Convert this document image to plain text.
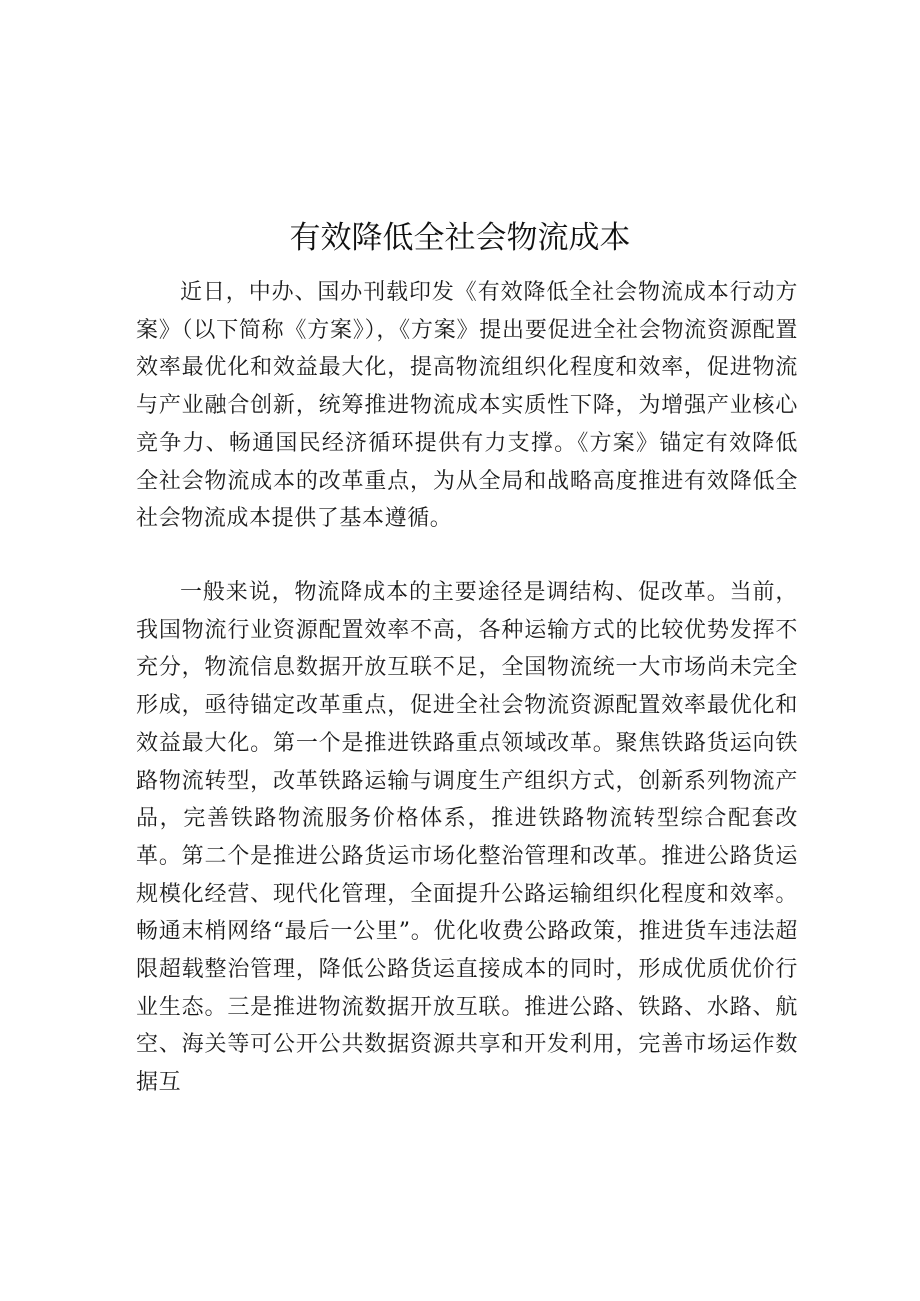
有效降低全社会物流成本

近日，中办、国办刊载印发《有效降低全社会物流成本行动方案》（以下简称《方案》），《方案》提出要促进全社会物流资源配置效率最优化和效益最大化，提高物流组织化程度和效率，促进物流与产业融合创新，统筹推进物流成本实质性下降，为增强产业核心竞争力、畅通国民经济循环提供有力支撑。《方案》锚定有效降低全社会物流成本的改革重点，为从全局和战略高度推进有效降低全社会物流成本提供了基本遵循。

一般来说，物流降成本的主要途径是调结构、促改革。当前，我国物流行业资源配置效率不高，各种运输方式的比较优势发挥不充分，物流信息数据开放互联不足，全国物流统一大市场尚未完全形成，亟待锚定改革重点，促进全社会物流资源配置效率最优化和效益最大化。第一个是推进铁路重点领域改革。聚焦铁路货运向铁路物流转型，改革铁路运输与调度生产组织方式，创新系列物流产品，完善铁路物流服务价格体系，推进铁路物流转型综合配套改革。第二个是推进公路货运市场化整治管理和改革。推进公路货运规模化经营、现代化管理，全面提升公路运输组织化程度和效率。畅通末梢网络“最后一公里”。优化收费公路政策，推进货车违法超限超载整治管理，降低公路货运直接成本的同时，形成优质优价行业生态。三是推进物流数据开放互联。推进公路、铁路、水路、航空、海关等可公开公共数据资源共享和开发利用，完善市场运作数据互
